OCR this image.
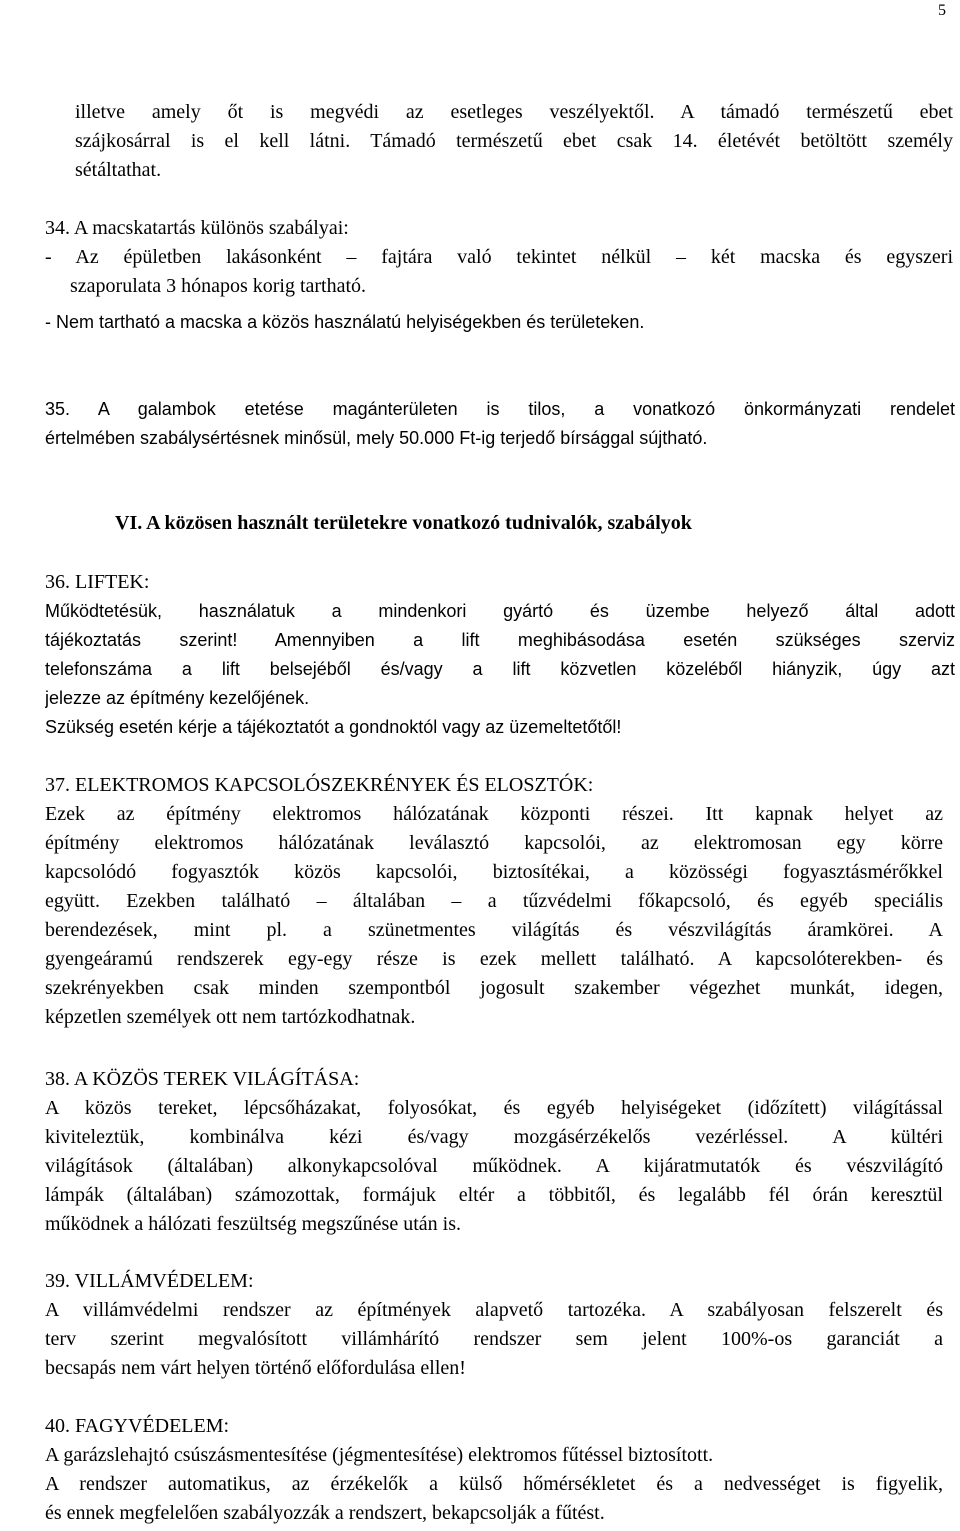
5
illetve amely őt is megvédi az esetleges veszélyektől. A támadó természetű ebet
szájkosárral is el kell látni. Támadó természetű ebet csak 14. életévét betöltött személy
sétáltathat.
34. A macskatartás különös szabályai:
- Az épületben lakásonként – fajtára való tekintet nélkül – két macska és egyszeri
szaporulata 3 hónapos korig tartható.
- Nem tartható a macska a közös használatú helyiségekben és területeken.
35. A galambok etetése magánterületen is tilos, a vonatkozó önkormányzati rendelet
értelmében szabálysértésnek minősül, mely 50.000 Ft-ig terjedő bírsággal sújtható.
VI. A közösen használt területekre vonatkozó tudnivalók, szabályok
36. LIFTEK:
Működtetésük, használatuk a mindenkori gyártó és üzembe helyező által adott
tájékoztatás szerint! Amennyiben a lift meghibásodása esetén szükséges szerviz
telefonszáma a lift belsejéből és/vagy a lift közvetlen közeléből hiányzik, úgy azt
jelezze az építmény kezelőjének.
Szükség esetén kérje a tájékoztatót a gondnoktól vagy az üzemeltetőtől!
37. ELEKTROMOS KAPCSOLÓSZEKRÉNYEK ÉS ELOSZTÓK:
Ezek az építmény elektromos hálózatának központi részei. Itt kapnak helyet az
építmény elektromos hálózatának leválasztó kapcsolói, az elektromosan egy körre
kapcsolódó fogyasztók közös kapcsolói, biztosítékai, a közösségi fogyasztásmérőkkel
együtt. Ezekben található – általában – a tűzvédelmi főkapcsoló, és egyéb speciális
berendezések, mint pl. a szünetmentes világítás és vészvilágítás áramkörei. A
gyengeáramú rendszerek egy-egy része is ezek mellett található. A kapcsolóterekben- és
szekrényekben csak minden szempontból jogosult szakember végezhet munkát, idegen,
képzetlen személyek ott nem tartózkodhatnak.
38. A KÖZÖS TEREK VILÁGÍTÁSA:
A közös tereket, lépcsőházakat, folyosókat, és egyéb helyiségeket (időzített) világítással
kiviteleztük, kombinálva kézi és/vagy mozgásérzékelős vezérléssel. A kültéri
világítások (általában) alkonykapcsolóval működnek. A kijáratmutatók és vészvilágító
lámpák (általában) számozottak, formájuk eltér a többitől, és legalább fél órán keresztül
működnek a hálózati feszültség megszűnése után is.
39. VILLÁMVÉDELEM:
A villámvédelmi rendszer az építmények alapvető tartozéka. A szabályosan felszerelt és
terv szerint megvalósított villámhárító rendszer sem jelent 100%-os garanciát a
becsapás nem várt helyen történő előfordulása ellen!
40. FAGYVÉDELEM:
A garázslehajtó csúszásmentesítése (jégmentesítése) elektromos fűtéssel biztosított.
A rendszer automatikus, az érzékelők a külső hőmérsékletet és a nedvességet is figyelik,
és ennek megfelelően szabályozzák a rendszert, bekapcsolják a fűtést.
